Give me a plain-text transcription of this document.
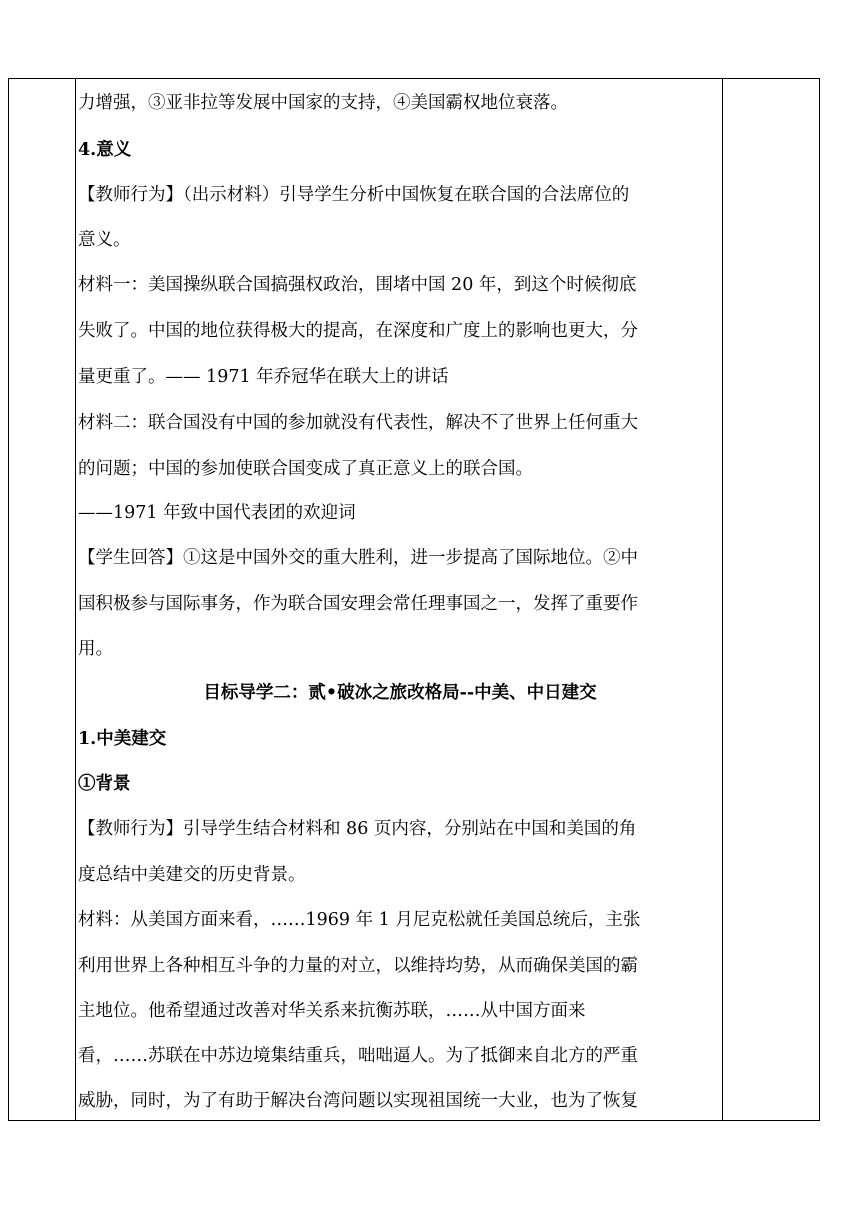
力增强，③亚非拉等发展中国家的支持，④美国霸权地位衰落。
4.意义
【教师行为】（出示材料）引导学生分析中国恢复在联合国的合法席位的
意义。
材料一：美国操纵联合国搞强权政治，围堵中国 20 年，到这个时候彻底
失败了。中国的地位获得极大的提高，在深度和广度上的影响也更大，分
量更重了。—— 1971 年乔冠华在联大上的讲话
材料二：联合国没有中国的参加就没有代表性，解决不了世界上任何重大
的问题；中国的参加使联合国变成了真正意义上的联合国。
——1971 年致中国代表团的欢迎词
【学生回答】①这是中国外交的重大胜利，进一步提高了国际地位。②中
国积极参与国际事务，作为联合国安理会常任理事国之一，发挥了重要作
用。
目标导学二：贰•破冰之旅改格局--中美、中日建交
1.中美建交
①背景
【教师行为】引导学生结合材料和 86 页内容，分别站在中国和美国的角
度总结中美建交的历史背景。
材料：从美国方面来看，……1969 年 1 月尼克松就任美国总统后，主张
利用世界上各种相互斗争的力量的对立，以维持均势，从而确保美国的霸
主地位。他希望通过改善对华关系来抗衡苏联，……从中国方面来
看，……苏联在中苏边境集结重兵，咄咄逼人。为了抵御来自北方的严重
威胁，同时，为了有助于解决台湾问题以实现祖国统一大业，也为了恢复
